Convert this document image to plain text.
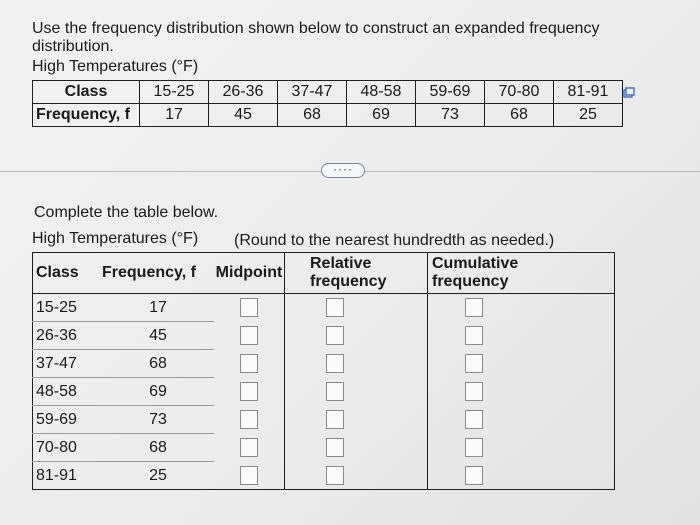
Use the frequency distribution shown below to construct an expanded frequency distribution.
High Temperatures (°F)
Class	15-25	26-36	37-47	48-58	59-69	70-80	81-91
Frequency, f	17	45	68	69	73	68	25
····
Complete the table below.
High Temperatures (°F) (Round to the nearest hundredth as needed.)
Class	Frequency, f	Midpoint	Relative frequency	Cumulative frequency
15-25	17			
26-36	45			
37-47	68			
48-58	69			
59-69	73			
70-80	68			
81-91	25			
